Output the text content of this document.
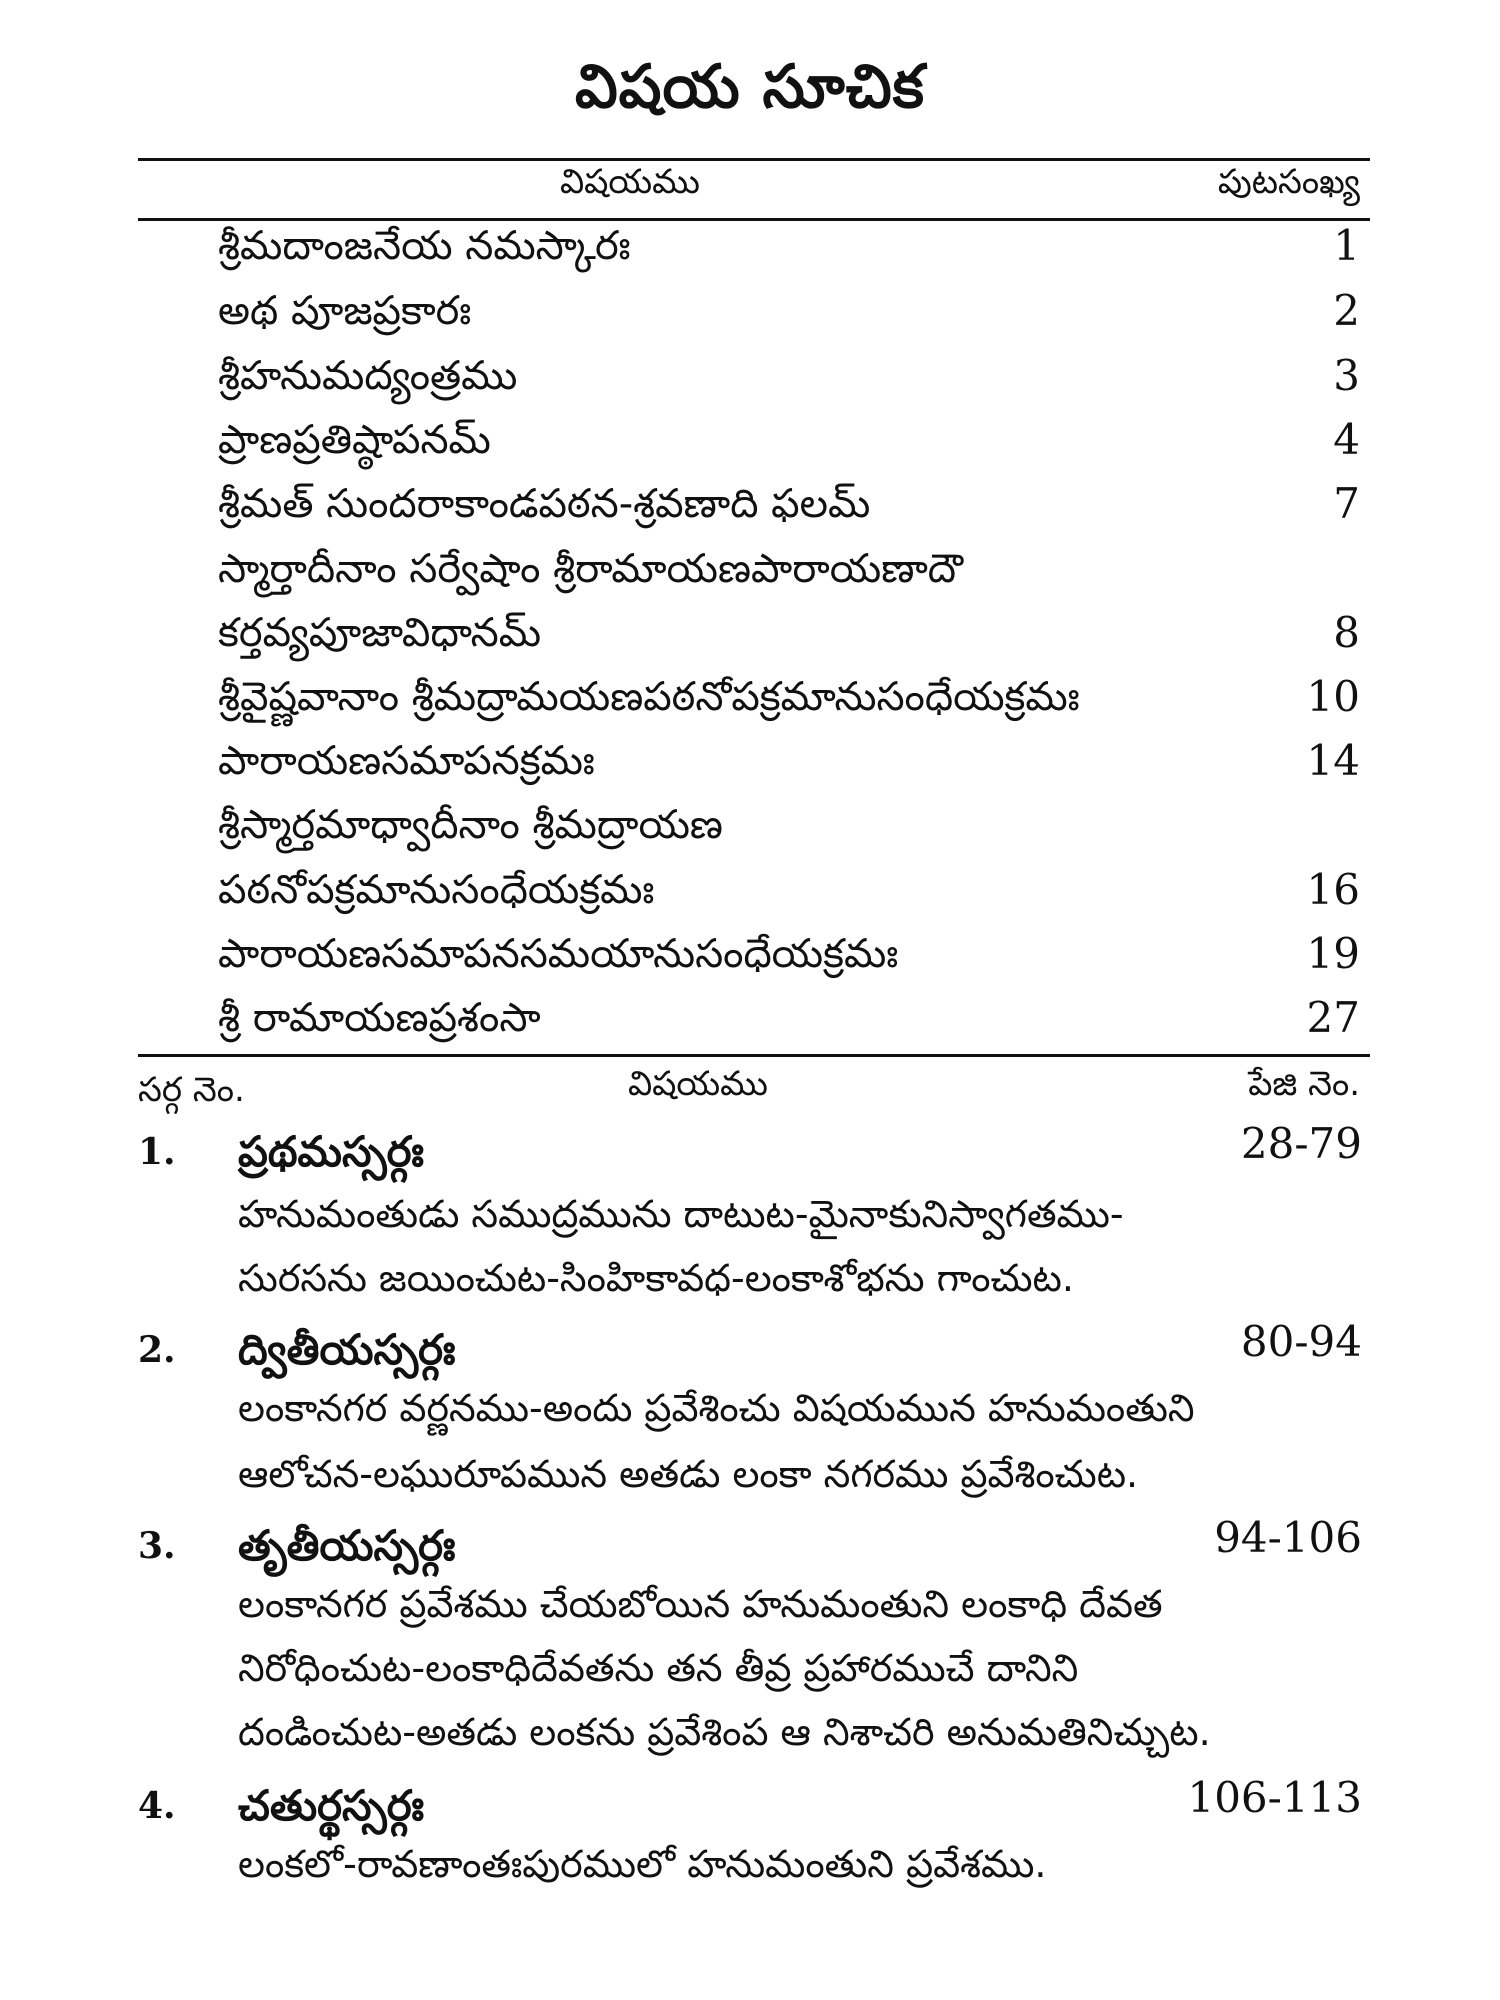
విషయ సూచిక
విషయము	పుటసంఖ్య
శ్రీమదాంజనేయ నమస్కారః	1
అథ పూజప్రకారః	2
శ్రీహనుమద్యంత్రము	3
ప్రాణప్రతిష్ఠాపనమ్	4
శ్రీమత్ సుందరాకాండపఠన-శ్రవణాది ఫలమ్	7
స్మార్తాదీనాం సర్వేషాం శ్రీరామాయణపారాయణాదౌ
కర్తవ్యపూజావిధానమ్	8
శ్రీవైష్ణవానాం శ్రీమద్రామయణపఠనోపక్రమానుసంధేయక్రమః	10
పారాయణసమాపనక్రమః	14
శ్రీస్మార్తమాధ్వాదీనాం శ్రీమద్రాయణ
పఠనోపక్రమానుసంధేయక్రమః	16
పారాయణసమాపనసమయానుసంధేయక్రమః	19
శ్రీ రామాయణప్రశంసా	27
సర్గ నెం.	విషయము	పేజి నెం.
1. ప్రథమస్సర్గః	28-79
హనుమంతుడు సముద్రమును దాటుట-మైనాకునిస్వాగతము-
సురసను జయించుట-సింహికావధ-లంకాశోభను గాంచుట.
2. ద్వితీయస్సర్గః	80-94
లంకానగర వర్ణనము-అందు ప్రవేశించు విషయమున హనుమంతుని
ఆలోచన-లఘురూపమున అతడు లంకా నగరము ప్రవేశించుట.
3. తృతీయస్సర్గః	94-106
లంకానగర ప్రవేశము చేయబోయిన హనుమంతుని లంకాధి దేవత
నిరోధించుట-లంకాధిదేవతను తన తీవ్ర ప్రహారముచే దానిని
దండించుట-అతడు లంకను ప్రవేశింప ఆ నిశాచరి అనుమతినిచ్చుట.
4. చతుర్థస్సర్గః	106-113
లంకలో-రావణాంతఃపురములో హనుమంతుని ప్రవేశము.
